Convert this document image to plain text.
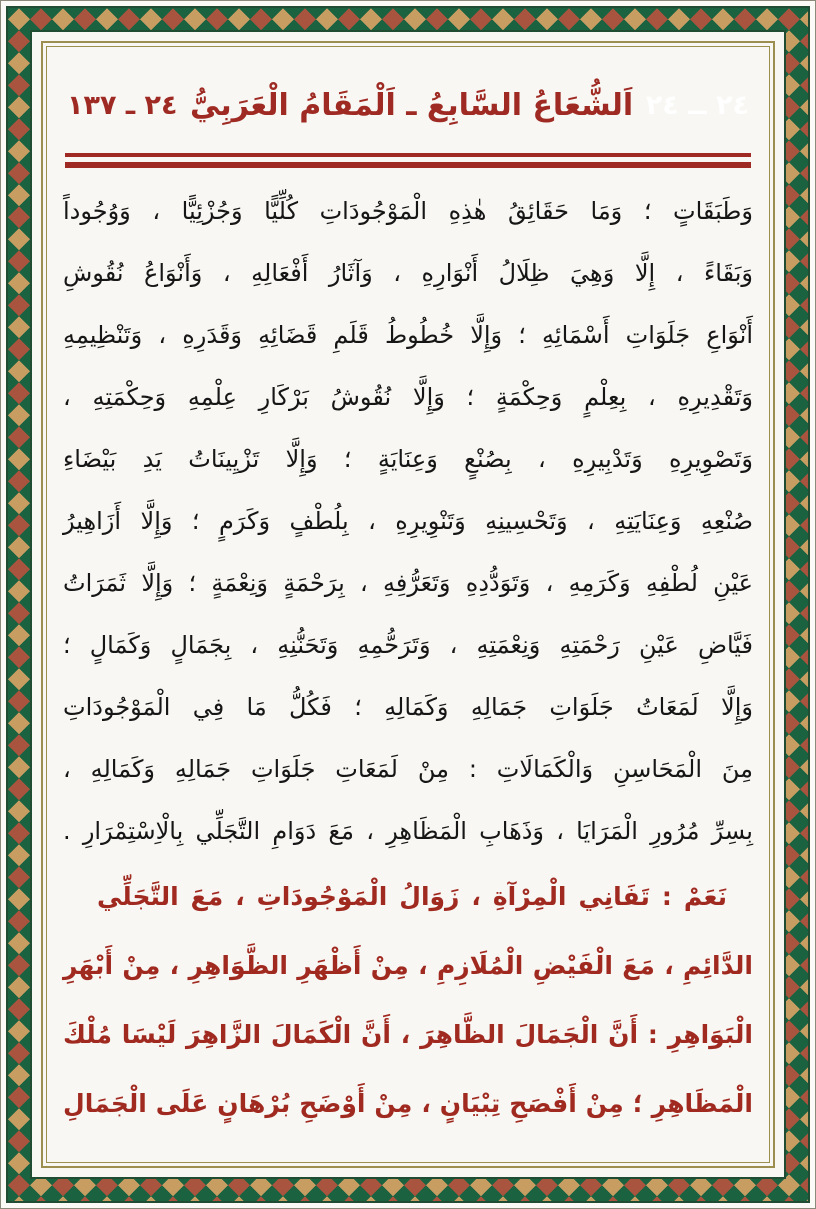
٢٤ ــ ٢٤
اَلشُّعَاعُ السَّابِعُ ـ اَلْمَقَامُ الْعَرَبِيُّ
٢٤ ـ ١٣٧
وَطَبَقَاتٍ ؛ وَمَا حَقَائِقُ هٰذِهِ الْمَوْجُودَاتِ كُلِّيًّا وَجُزْئِيًّا ، وَوُجُوداً
وَبَقَاءً ، إِلَّا وَهِيَ ظِلَالُ أَنْوَارِهِ ، وَآثَارُ أَفْعَالِهِ ، وَأَنْوَاعُ نُقُوشِ
أَنْوَاعِ جَلَوَاتِ أَسْمَائِهِ ؛ وَإِلَّا خُطُوطُ قَلَمِ قَضَائِهِ وَقَدَرِهِ ، وَتَنْظِيمِهِ
وَتَقْدِيرِهِ ، بِعِلْمٍ وَحِكْمَةٍ ؛ وَإِلَّا نُقُوشُ بَرْكَارِ عِلْمِهِ وَحِكْمَتِهِ ،
وَتَصْوِيرِهِ وَتَدْبِيرِهِ ، بِصُنْعٍ وَعِنَايَةٍ ؛ وَإِلَّا تَزْيِينَاتُ يَدِ بَيْضَاءِ
صُنْعِهِ وَعِنَايَتِهِ ، وَتَحْسِينِهِ وَتَنْوِيرِهِ ، بِلُطْفٍ وَكَرَمٍ ؛ وَإِلَّا أَزَاهِيرُ
عَيْنِ لُطْفِهِ وَكَرَمِهِ ، وَتَوَدُّدِهِ وَتَعَرُّفِهِ ، بِرَحْمَةٍ وَنِعْمَةٍ ؛ وَإِلَّا ثَمَرَاتُ
فَيَّاضِ عَيْنِ رَحْمَتِهِ وَنِعْمَتِهِ ، وَتَرَحُّمِهِ وَتَحَنُّنِهِ ، بِجَمَالٍ وَكَمَالٍ ؛
وَإِلَّا لَمَعَاتُ جَلَوَاتِ جَمَالِهِ وَكَمَالِهِ ؛ فَكُلُّ مَا فِي الْمَوْجُودَاتِ
مِنَ الْمَحَاسِنِ وَالْكَمَالَاتِ : مِنْ لَمَعَاتِ جَلَوَاتِ جَمَالِهِ وَكَمَالِهِ ،
بِسِرِّ مُرُورِ الْمَرَايَا ، وَذَهَابِ الْمَظَاهِرِ ، مَعَ دَوَامِ التَّجَلِّي بِالْاِسْتِمْرَارِ .
نَعَمْ : تَفَانِي الْمِرْآةِ ، زَوَالُ الْمَوْجُودَاتِ ، مَعَ التَّجَلِّي
الدَّائِمِ ، مَعَ الْفَيْضِ الْمُلَازِمِ ، مِنْ أَظْهَرِ الظَّوَاهِرِ ، مِنْ أَبْهَرِ
الْبَوَاهِرِ : أَنَّ الْجَمَالَ الظَّاهِرَ ، أَنَّ الْكَمَالَ الزَّاهِرَ لَيْسَا مُلْكَ
الْمَظَاهِرِ ؛ مِنْ أَفْصَحِ تِبْيَانٍ ، مِنْ أَوْضَحِ بُرْهَانٍ عَلَى الْجَمَالِ
